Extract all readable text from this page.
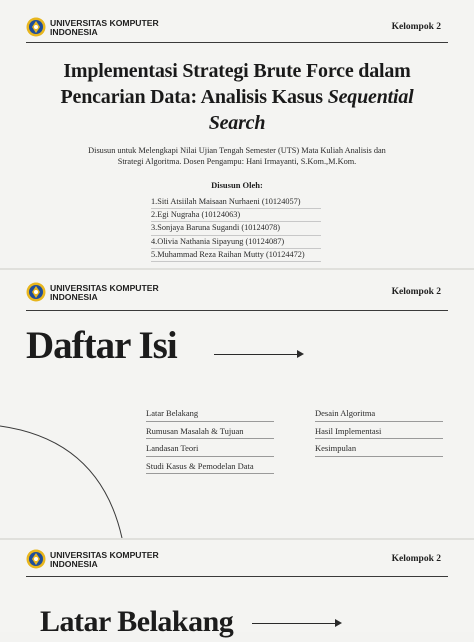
UNIVERSITAS KOMPUTER
INDONESIA	Kelompok 2
Implementasi Strategi Brute Force dalam
Pencarian Data: Analisis Kasus Sequential
Search
Disusun untuk Melengkapi Nilai Ujian Tengah Semester (UTS) Mata Kuliah Analisis dan
Strategi Algoritma. Dosen Pengampu: Hani Irmayanti, S.Kom.,M.Kom.
Disusun Oleh:
1.Siti Atsiilah Maisaan Nurhaeni (10124057)
2.Egi Nugraha (10124063)
3.Sonjaya Baruna Sugandi (10124078)
4.Olivia Nathania Sipayung (10124087)
5.Muhammad Reza Raihan Mutty (10124472)
UNIVERSITAS KOMPUTER
INDONESIA	Kelompok 2
Daftar Isi
Latar Belakang
Rumusan Masalah & Tujuan
Landasan Teori
Studi Kasus & Pemodelan Data
Desain Algoritma
Hasil Implementasi
Kesimpulan
UNIVERSITAS KOMPUTER
INDONESIA	Kelompok 2
Latar Belakang
